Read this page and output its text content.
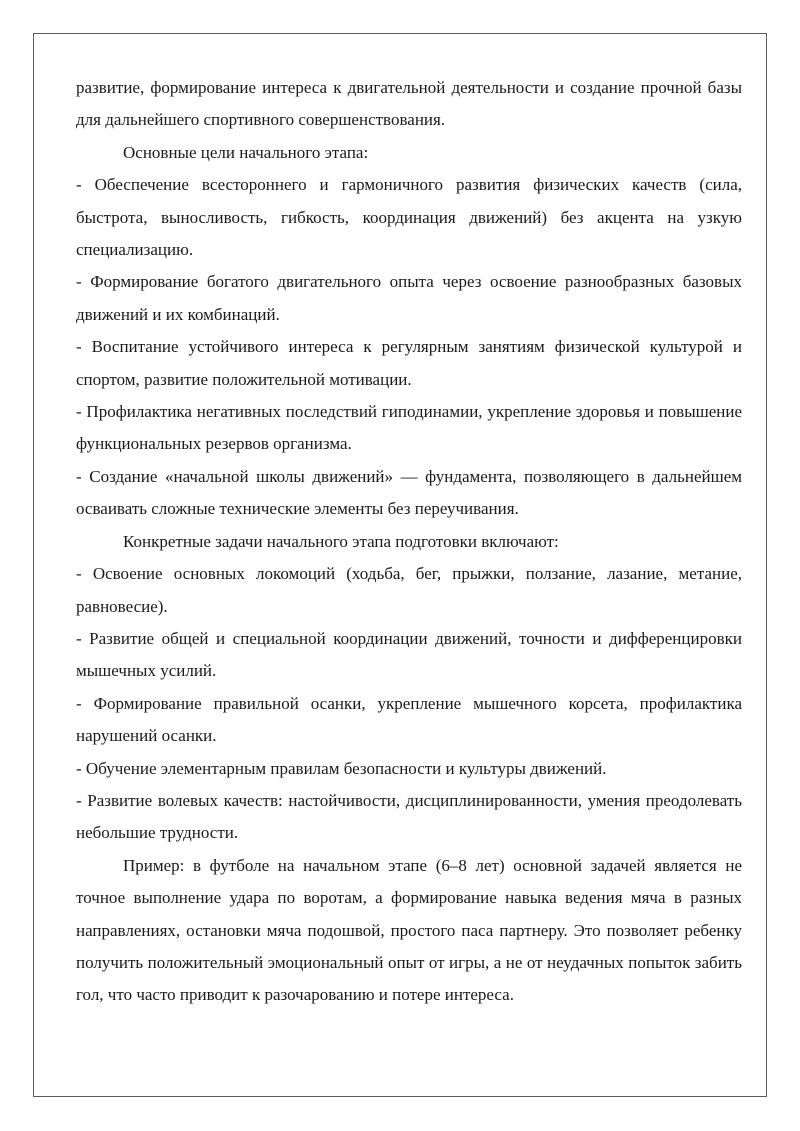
развитие, формирование интереса к двигательной деятельности и создание прочной базы для дальнейшего спортивного совершенствования.

Основные цели начального этапа:

- Обеспечение всестороннего и гармоничного развития физических качеств (сила, быстрота, выносливость, гибкость, координация движений) без акцента на узкую специализацию.

- Формирование богатого двигательного опыта через освоение разнообразных базовых движений и их комбинаций.

- Воспитание устойчивого интереса к регулярным занятиям физической культурой и спортом, развитие положительной мотивации.

- Профилактика негативных последствий гиподинамии, укрепление здоровья и повышение функциональных резервов организма.

- Создание «начальной школы движений» — фундамента, позволяющего в дальнейшем осваивать сложные технические элементы без переучивания.

Конкретные задачи начального этапа подготовки включают:

- Освоение основных локомоций (ходьба, бег, прыжки, ползание, лазание, метание, равновесие).

- Развитие общей и специальной координации движений, точности и дифференцировки мышечных усилий.

- Формирование правильной осанки, укрепление мышечного корсета, профилактика нарушений осанки.

- Обучение элементарным правилам безопасности и культуры движений.

- Развитие волевых качеств: настойчивости, дисциплинированности, умения преодолевать небольшие трудности.

Пример: в футболе на начальном этапе (6–8 лет) основной задачей является не точное выполнение удара по воротам, а формирование навыка ведения мяча в разных направлениях, остановки мяча подошвой, простого паса партнеру. Это позволяет ребенку получить положительный эмоциональный опыт от игры, а не от неудачных попыток забить гол, что часто приводит к разочарованию и потере интереса.
